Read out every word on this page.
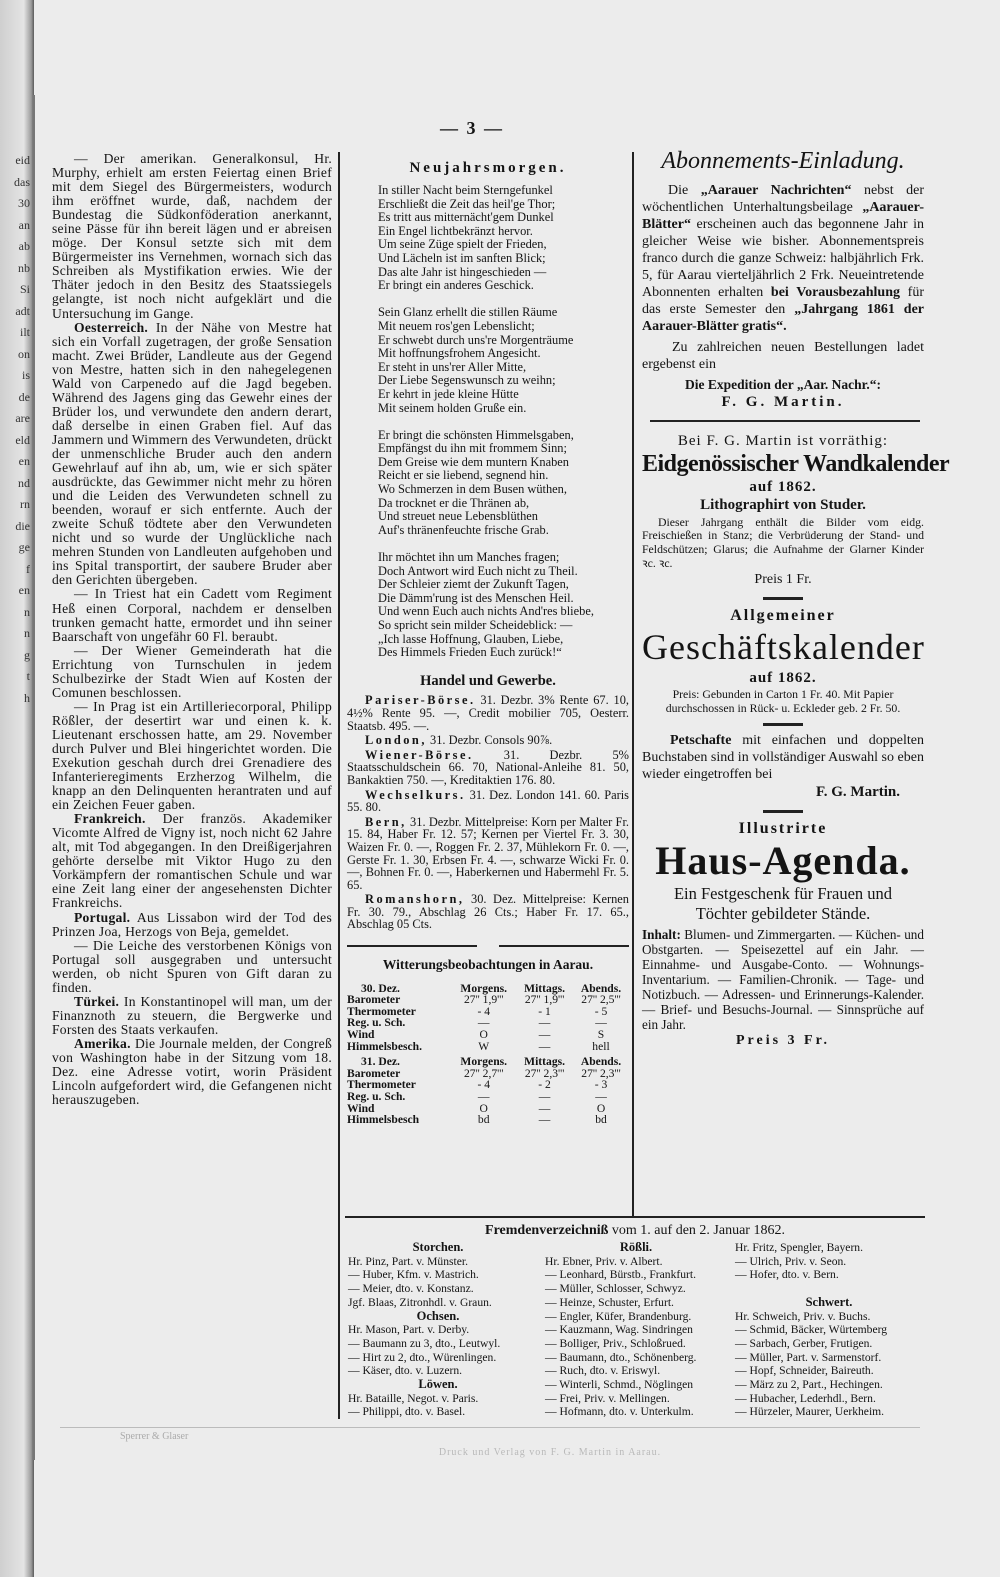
eid
das
30
an
ab
nb
Si
adt
ilt
on
is
de
are
eld
en
nd
rn
die
ge
f
en
n
n
g
t
h
— 3 —

— Der amerikan. Generalkonsul, Hr. Murphy, erhielt am ersten Feiertag einen Brief mit dem Siegel des Bürgermeisters, wodurch ihm eröffnet wurde, daß, nachdem der Bundestag die Südkonföderation anerkannt, seine Pässe für ihn bereit lägen und er abreisen möge. Der Konsul setzte sich mit dem Bürgermeister ins Vernehmen, wornach sich das Schreiben als Mystifikation erwies. Wie der Thäter jedoch in den Besitz des Staatssiegels gelangte, ist noch nicht aufgeklärt und die Untersuchung im Gange.

Oesterreich. In der Nähe von Mestre hat sich ein Vorfall zugetragen, der große Sensation macht. Zwei Brüder, Landleute aus der Gegend von Mestre, hatten sich in den nahegelegenen Wald von Carpenedo auf die Jagd begeben. Während des Jagens ging das Gewehr eines der Brüder los, und verwundete den andern derart, daß derselbe in einen Graben fiel. Auf das Jammern und Wimmern des Verwundeten, drückt der unmenschliche Bruder auch den andern Gewehrlauf auf ihn ab, um, wie er sich später ausdrückte, das Gewimmer nicht mehr zu hören und die Leiden des Verwundeten schnell zu beenden, worauf er sich entfernte. Auch der zweite Schuß tödtete aber den Verwundeten nicht und so wurde der Unglückliche nach mehren Stunden von Landleuten aufgehoben und ins Spital transportirt, der saubere Bruder aber den Gerichten übergeben.

— In Triest hat ein Cadett vom Regiment Heß einen Corporal, nachdem er denselben trunken gemacht hatte, ermordet und ihn seiner Baarschaft von ungefähr 60 Fl. beraubt.

— Der Wiener Gemeinderath hat die Errichtung von Turnschulen in jedem Schulbezirke der Stadt Wien auf Kosten der Comunen beschlossen.

— In Prag ist ein Artilleriecorporal, Philipp Rößler, der desertirt war und einen k. k. Lieutenant erschossen hatte, am 29. November durch Pulver und Blei hingerichtet worden. Die Exekution geschah durch drei Grenadiere des Infanterieregiments Erzherzog Wilhelm, die knapp an den Delinquenten herantraten und auf ein Zeichen Feuer gaben.

Frankreich. Der französ. Akademiker Vicomte Alfred de Vigny ist, noch nicht 62 Jahre alt, mit Tod abgegangen. In den Dreißigerjahren gehörte derselbe mit Viktor Hugo zu den Vorkämpfern der romantischen Schule und war eine Zeit lang einer der angesehensten Dichter Frankreichs.

Portugal. Aus Lissabon wird der Tod des Prinzen Joa, Herzogs von Beja, gemeldet.

— Die Leiche des verstorbenen Königs von Portugal soll ausgegraben und untersucht werden, ob nicht Spuren von Gift daran zu finden.

Türkei. In Konstantinopel will man, um der Finanznoth zu steuern, die Bergwerke und Forsten des Staats verkaufen.

Amerika. Die Journale melden, der Congreß von Washington habe in der Sitzung vom 18. Dez. eine Adresse votirt, worin Präsident Lincoln aufgefordert wird, die Gefangenen nicht herauszugeben.

Neujahrsmorgen.
In stiller Nacht beim Sterngefunkel
Erschließt die Zeit das heil'ge Thor;
Es tritt aus mitternächt'gem Dunkel
Ein Engel lichtbekränzt hervor.
Um seine Züge spielt der Frieden,
Und Lächeln ist im sanften Blick;
Das alte Jahr ist hingeschieden —
Er bringt ein anderes Geschick.
Sein Glanz erhellt die stillen Räume
Mit neuem ros'gen Lebenslicht;
Er schwebt durch uns're Morgenträume
Mit hoffnungsfrohem Angesicht.
Er steht in uns'rer Aller Mitte,
Der Liebe Segenswunsch zu weihn;
Er kehrt in jede kleine Hütte
Mit seinem holden Gruße ein.
Er bringt die schönsten Himmelsgaben,
Empfängst du ihn mit frommem Sinn;
Dem Greise wie dem muntern Knaben
Reicht er sie liebend, segnend hin.
Wo Schmerzen in dem Busen wüthen,
Da trocknet er die Thränen ab,
Und streuet neue Lebensblüthen
Auf's thränenfeuchte frische Grab.
Ihr möchtet ihn um Manches fragen;
Doch Antwort wird Euch nicht zu Theil.
Der Schleier ziemt der Zukunft Tagen,
Die Dämm'rung ist des Menschen Heil.
Und wenn Euch auch nichts And'res bliebe,
So spricht sein milder Scheideblick: —
„Ich lasse Hoffnung, Glauben, Liebe,
Des Himmels Frieden Euch zurück!“
Handel und Gewerbe.

Pariser-Börse. 31. Dezbr. 3% Rente 67. 10, 4½% Rente 95. —, Credit mobilier 705, Oesterr. Staatsb. 495. —.

London, 31. Dezbr. Consols 90⅞.

Wiener-Börse. 31. Dezbr. 5% Staatsschuldschein 66. 70, National-Anleihe 81. 50, Bankaktien 750. —, Kreditaktien 176. 80.

Wechselkurs. 31. Dez. London 141. 60. Paris 55. 80.

Bern, 31. Dezbr. Mittelpreise: Korn per Malter Fr. 15. 84, Haber Fr. 12. 57; Kernen per Viertel Fr. 3. 30, Waizen Fr. 0. —, Roggen Fr. 2. 37, Mühlekorn Fr. 0. —, Gerste Fr. 1. 30, Erbsen Fr. 4. —, schwarze Wicki Fr. 0. —, Bohnen Fr. 0. —, Haberkernen und Habermehl Fr. 5. 65.

Romanshorn, 30. Dez. Mittelpreise: Kernen Fr. 30. 79., Abschlag 26 Cts.; Haber Fr. 17. 65., Abschlag 05 Cts.

Witterungsbeobachtungen in Aarau.
30. Dez.	Morgens.	Mittags.	Abends.
Barometer	27'' 1,9'''	27'' 1,9'''	27'' 2,5'''
Thermometer	- 4	- 1	- 5
Reg. u. Sch.	—	—	—
Wind	O	—	S
Himmelsbesch.	W	—	hell
31. Dez.	Morgens.	Mittags.	Abends.
Barometer	27'' 2,7'''	27'' 2,3'''	27'' 2,3'''
Thermometer	- 4	- 2	- 3
Reg. u. Sch.	—	—	—
Wind	O	—	O
Himmelsbesch	bd	—	bd
Abonnements-Einladung.
Die „Aarauer Nachrichten“ nebst der wöchentlichen Unterhaltungsbeilage „Aarauer-Blätter“ erscheinen auch das begonnene Jahr in gleicher Weise wie bisher. Abonnementspreis franco durch die ganze Schweiz: halbjährlich Frk. 5, für Aarau vierteljährlich 2 Frk. Neueintretende Abonnenten erhalten bei Vorausbezahlung für das erste Semester den „Jahrgang 1861 der Aarauer-Blätter gratis“.
Zu zahlreichen neuen Bestellungen ladet ergebenst ein
Die Expedition der „Aar. Nachr.“:
F. G. Martin.
Bei F. G. Martin ist vorräthig:
Eidgenössischer Wandkalender
auf 1862.
Lithographirt von Studer.
Dieser Jahrgang enthält die Bilder vom eidg. Freischießen in Stanz; die Verbrüderung der Stand- und Feldschützen; Glarus; die Aufnahme der Glarner Kinder ꝛc. ꝛc.
Preis 1 Fr.
Allgemeiner
Geschäftskalender
auf 1862.
Preis: Gebunden in Carton 1 Fr. 40. Mit Papier durchschossen in Rück- u. Eckleder geb. 2 Fr. 50.
Petschafte mit einfachen und doppelten Buchstaben sind in vollständiger Auswahl so eben wieder eingetroffen bei
F. G. Martin.
Illustrirte
Haus-Agenda.
Ein Festgeschenk für Frauen und Töchter gebildeter Stände.
Inhalt: Blumen- und Zimmergarten. — Küchen- und Obstgarten. — Speisezettel auf ein Jahr. — Einnahme- und Ausgabe-Conto. — Wohnungs-Inventarium. — Familien-Chronik. — Tage- und Notizbuch. — Adressen- und Erinnerungs-Kalender. — Brief- und Besuchs-Journal. — Sinnsprüche auf ein Jahr.
Preis 3 Fr.
Fremdenverzeichniß vom 1. auf den 2. Januar 1862.
Storchen.
Hr. Pinz, Part. v. Münster.
— Huber, Kfm. v. Mastrich.
— Meier, dto. v. Konstanz.
Jgf. Blaas, Zitronhdl. v. Graun.
Ochsen.
Hr. Mason, Part. v. Derby.
— Baumann zu 3, dto., Leutwyl.
— Hirt zu 2, dto., Würenlingen.
— Käser, dto. v. Luzern.
Löwen.
Hr. Bataille, Negot. v. Paris.
— Philippi, dto. v. Basel.
Rößli.
Hr. Ebner, Priv. v. Albert.
— Leonhard, Bürstb., Frankfurt.
— Müller, Schlosser, Schwyz.
— Heinze, Schuster, Erfurt.
— Engler, Küfer, Brandenburg.
— Kauzmann, Wag. Sindringen
— Bolliger, Priv., Schloßrued.
— Baumann, dto., Schönenberg.
— Ruch, dto. v. Eriswyl.
— Winterli, Schmd., Nöglingen
— Frei, Priv. v. Mellingen.
— Hofmann, dto. v. Unterkulm.
Hr. Fritz, Spengler, Bayern.
— Ulrich, Priv. v. Seon.
— Hofer, dto. v. Bern.

Schwert.
Hr. Schweich, Priv. v. Buchs.
— Schmid, Bäcker, Würtemberg
— Sarbach, Gerber, Frutigen.
— Müller, Part. v. Sarmenstorf.
— Hopf, Schneider, Baireuth.
— März zu 2, Part., Hechingen.
— Hubacher, Lederhdl., Bern.
— Hürzeler, Maurer, Uerkheim.
Sperrer & Glaser
Druck und Verlag von F. G. Martin in Aarau.
